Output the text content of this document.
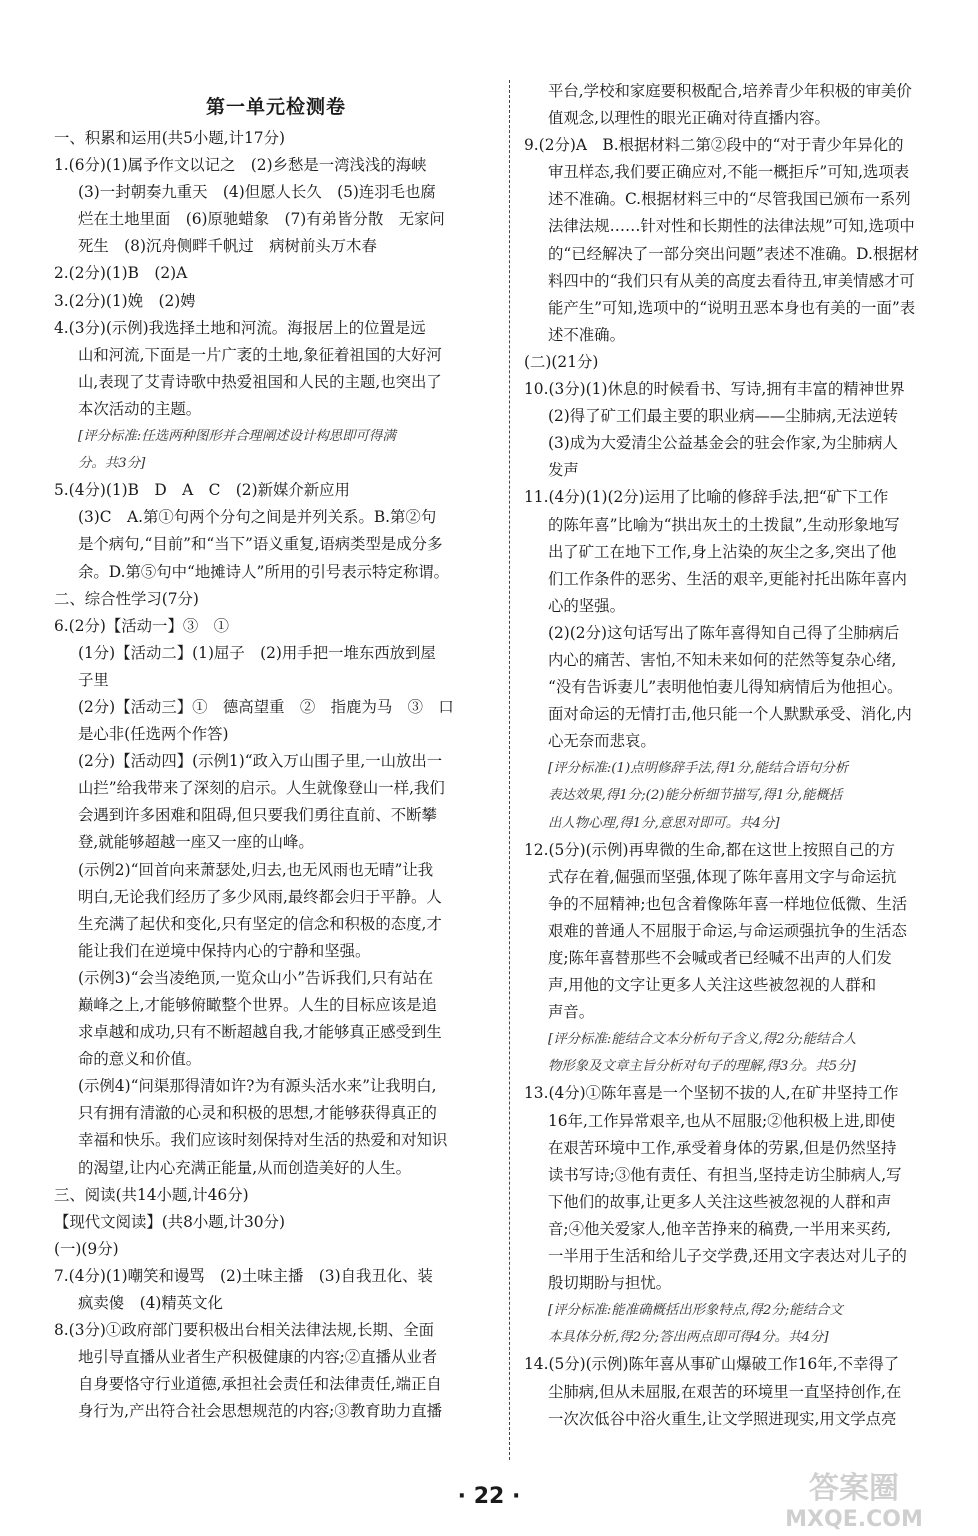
第一单元检测卷
一、积累和运用(共5小题,计17分)
1.(6分)(1)属予作文以记之　(2)乡愁是一湾浅浅的海峡
(3)一封朝奏九重天　(4)但愿人长久　(5)连羽毛也腐
烂在土地里面　(6)原驰蜡象　(7)有弟皆分散　无家问
死生　(8)沉舟侧畔千帆过　病树前头万木春
2.(2分)(1)B　(2)A
3.(2分)(1)娩　(2)娉
4.(3分)(示例)我选择土地和河流。海报居上的位置是远
山和河流,下面是一片广袤的土地,象征着祖国的大好河
山,表现了艾青诗歌中热爱祖国和人民的主题,也突出了
本次活动的主题。
[评分标准:任选两种图形并合理阐述设计构思即可得满
分。共3分]
5.(4分)(1)B　D　A　C　(2)新媒介新应用
(3)C　A.第①句两个分句之间是并列关系。B.第②句
是个病句,“目前”和“当下”语义重复,语病类型是成分多
余。D.第⑤句中“地摊诗人”所用的引号表示特定称谓。
二、综合性学习(7分)
6.(2分)【活动一】③　①
(1分)【活动二】(1)屈子　(2)用手把一堆东西放到屋
子里
(2分)【活动三】①　德高望重　②　指鹿为马　③　口
是心非(任选两个作答)
(2分)【活动四】(示例1)“政入万山围子里,一山放出一
山拦”给我带来了深刻的启示。人生就像登山一样,我们
会遇到许多困难和阻碍,但只要我们勇往直前、不断攀
登,就能够超越一座又一座的山峰。
(示例2)“回首向来萧瑟处,归去,也无风雨也无晴”让我
明白,无论我们经历了多少风雨,最终都会归于平静。人
生充满了起伏和变化,只有坚定的信念和积极的态度,才
能让我们在逆境中保持内心的宁静和坚强。
(示例3)“会当凌绝顶,一览众山小”告诉我们,只有站在
巅峰之上,才能够俯瞰整个世界。人生的目标应该是追
求卓越和成功,只有不断超越自我,才能够真正感受到生
命的意义和价值。
(示例4)“问渠那得清如许?为有源头活水来”让我明白,
只有拥有清澈的心灵和积极的思想,才能够获得真正的
幸福和快乐。我们应该时刻保持对生活的热爱和对知识
的渴望,让内心充满正能量,从而创造美好的人生。
三、阅读(共14小题,计46分)
【现代文阅读】(共8小题,计30分)
(一)(9分)
7.(4分)(1)嘲笑和谩骂　(2)土味主播　(3)自我丑化、装
疯卖傻　(4)精英文化
8.(3分)①政府部门要积极出台相关法律法规,长期、全面
地引导直播从业者生产积极健康的内容;②直播从业者
自身要恪守行业道德,承担社会责任和法律责任,端正自
身行为,产出符合社会思想规范的内容;③教育助力直播
平台,学校和家庭要积极配合,培养青少年积极的审美价
值观念,以理性的眼光正确对待直播内容。
9.(2分)A　B.根据材料二第②段中的“对于青少年异化的
审丑样态,我们要正确应对,不能一概拒斥”可知,选项表
述不准确。C.根据材料三中的“尽管我国已颁布一系列
法律法规……针对性和长期性的法律法规”可知,选项中
的“已经解决了一部分突出问题”表述不准确。D.根据材
料四中的“我们只有从美的高度去看待丑,审美情感才可
能产生”可知,选项中的“说明丑恶本身也有美的一面”表
述不准确。
(二)(21分)
10.(3分)(1)休息的时候看书、写诗,拥有丰富的精神世界
(2)得了矿工们最主要的职业病——尘肺病,无法逆转
(3)成为大爱清尘公益基金会的驻会作家,为尘肺病人
发声
11.(4分)(1)(2分)运用了比喻的修辞手法,把“矿下工作
的陈年喜”比喻为“拱出灰土的土拨鼠”,生动形象地写
出了矿工在地下工作,身上沾染的灰尘之多,突出了他
们工作条件的恶劣、生活的艰辛,更能衬托出陈年喜内
心的坚强。
(2)(2分)这句话写出了陈年喜得知自己得了尘肺病后
内心的痛苦、害怕,不知未来如何的茫然等复杂心绪,
“没有告诉妻儿”表明他怕妻儿得知病情后为他担心。
面对命运的无情打击,他只能一个人默默承受、消化,内
心无奈而悲哀。
[评分标准:(1)点明修辞手法,得1分,能结合语句分析
表达效果,得1分;(2)能分析细节描写,得1分,能概括
出人物心理,得1分,意思对即可。共4分]
12.(5分)(示例)再卑微的生命,都在这世上按照自己的方
式存在着,倔强而坚强,体现了陈年喜用文字与命运抗
争的不屈精神;也包含着像陈年喜一样地位低微、生活
艰难的普通人不屈服于命运,与命运顽强抗争的生活态
度;陈年喜替那些不会喊或者已经喊不出声的人们发
声,用他的文字让更多人关注这些被忽视的人群和
声音。
[评分标准:能结合文本分析句子含义,得2分;能结合人
物形象及文章主旨分析对句子的理解,得3分。共5分]
13.(4分)①陈年喜是一个坚韧不拔的人,在矿井坚持工作
16年,工作异常艰辛,也从不屈服;②他积极上进,即使
在艰苦环境中工作,承受着身体的劳累,但是仍然坚持
读书写诗;③他有责任、有担当,坚持走访尘肺病人,写
下他们的故事,让更多人关注这些被忽视的人群和声
音;④他关爱家人,他辛苦挣来的稿费,一半用来买药,
一半用于生活和给儿子交学费,还用文字表达对儿子的
殷切期盼与担忧。
[评分标准:能准确概括出形象特点,得2分;能结合文
本具体分析,得2分;答出两点即可得4分。共4分]
14.(5分)(示例)陈年喜从事矿山爆破工作16年,不幸得了
尘肺病,但从未屈服,在艰苦的环境里一直坚持创作,在
一次次低谷中浴火重生,让文学照进现实,用文学点亮
· 22 ·	答案圈
MXQE.COM
